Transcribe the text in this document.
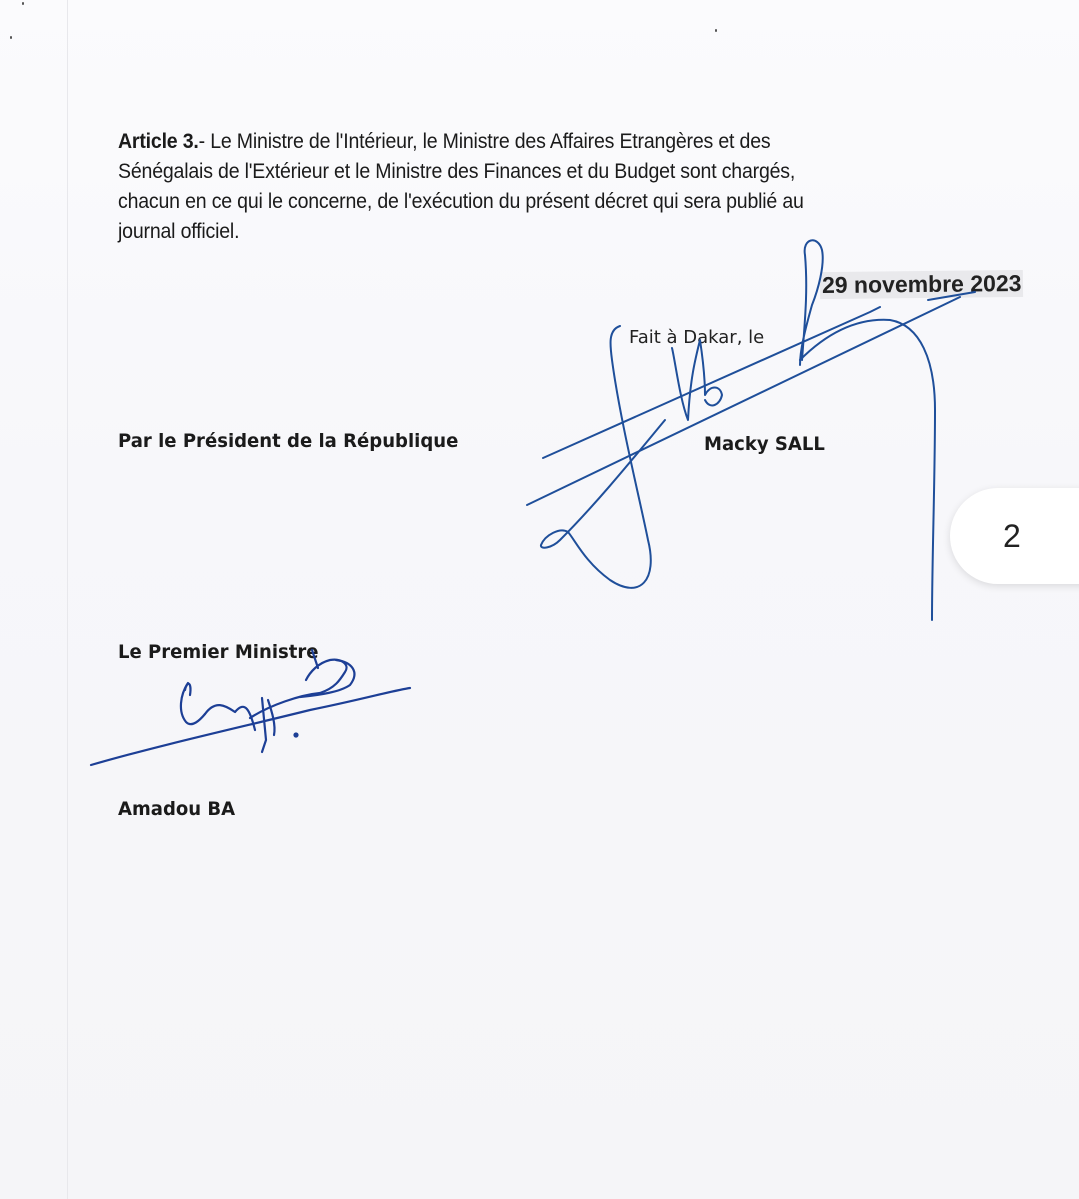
Article 3.- Le Ministre de l'Intérieur, le Ministre des Affaires Etrangères et des
Sénégalais de l'Extérieur et le Ministre des Finances et du Budget sont chargés,
chacun en ce qui le concerne, de l'exécution du présent décret qui sera publié au
journal officiel.
29 novembre 2023
Fait à Dakar, le
Par le Président de la République	Macky SALL
Le Premier Ministre
Amadou BA
2
